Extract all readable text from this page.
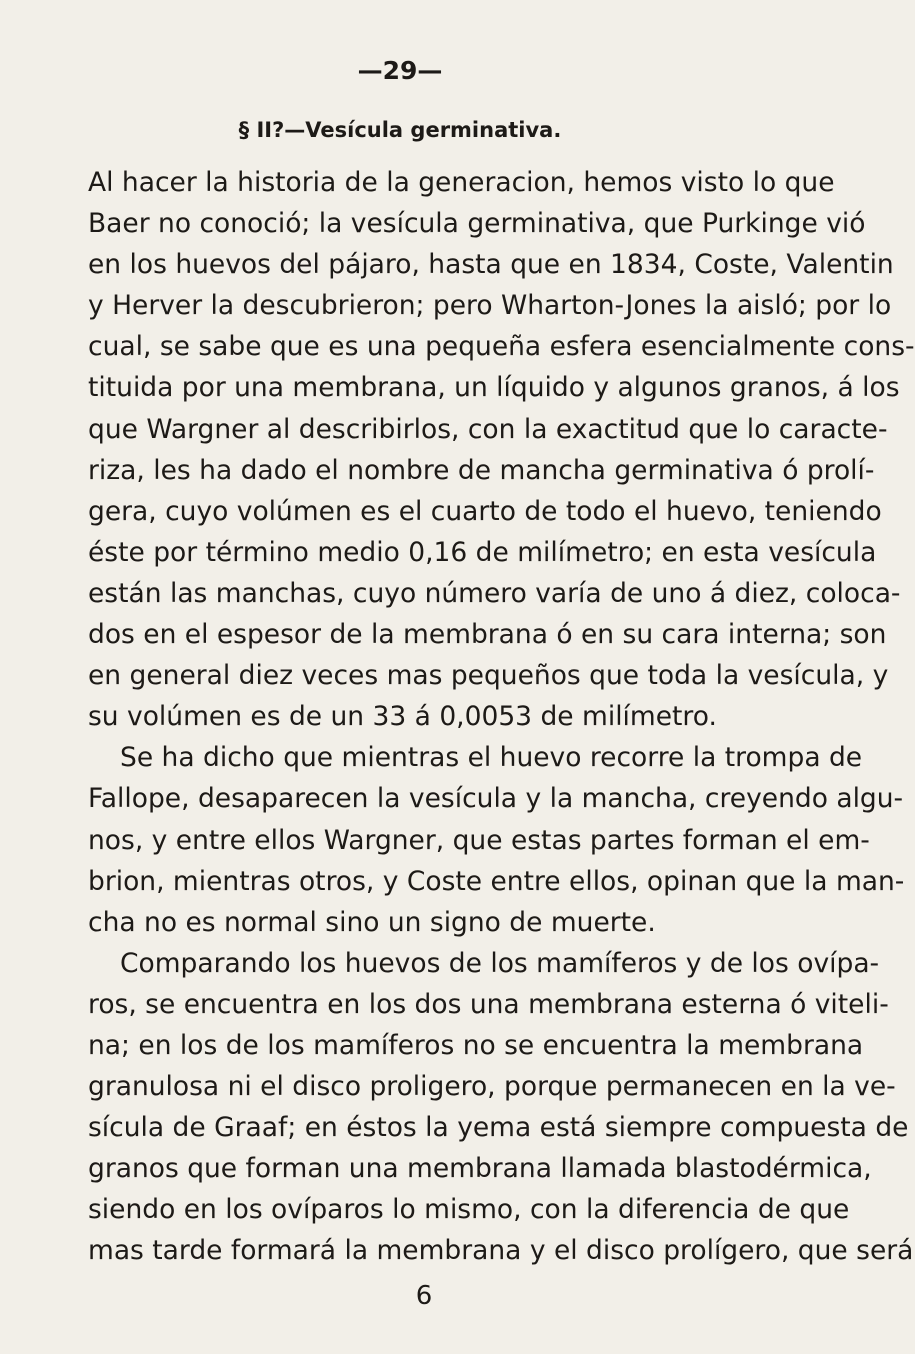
—29—
§ II?—Vesícula germinativa.
Al hacer la historia de la generacion, hemos visto lo que
Baer no conoció; la vesícula germinativa, que Purkinge vió
en los huevos del pájaro, hasta que en 1834, Coste, Valentin
y Herver la descubrieron; pero Wharton-Jones la aisló; por lo
cual, se sabe que es una pequeña esfera esencialmente cons-
tituida por una membrana, un líquido y algunos granos, á los
que Wargner al describirlos, con la exactitud que lo caracte-
riza, les ha dado el nombre de mancha germinativa ó prolí-
gera, cuyo volúmen es el cuarto de todo el huevo, teniendo
éste por término medio 0,16 de milímetro; en esta vesícula
están las manchas, cuyo número varía de uno á diez, coloca-
dos en el espesor de la membrana ó en su cara interna; son
en general diez veces mas pequeños que toda la vesícula, y
su volúmen es de un 33 á 0,0053 de milímetro.
Se ha dicho que mientras el huevo recorre la trompa de
Fallope, desaparecen la vesícula y la mancha, creyendo algu-
nos, y entre ellos Wargner, que estas partes forman el em-
brion, mientras otros, y Coste entre ellos, opinan que la man-
cha no es normal sino un signo de muerte.
Comparando los huevos de los mamíferos y de los ovípa-
ros, se encuentra en los dos una membrana esterna ó viteli-
na; en los de los mamíferos no se encuentra la membrana
granulosa ni el disco proligero, porque permanecen en la ve-
sícula de Graaf; en éstos la yema está siempre compuesta de
granos que forman una membrana llamada blastodérmica,
siendo en los ovíparos lo mismo, con la diferencia de que
mas tarde formará la membrana y el disco prolígero, que será
6
